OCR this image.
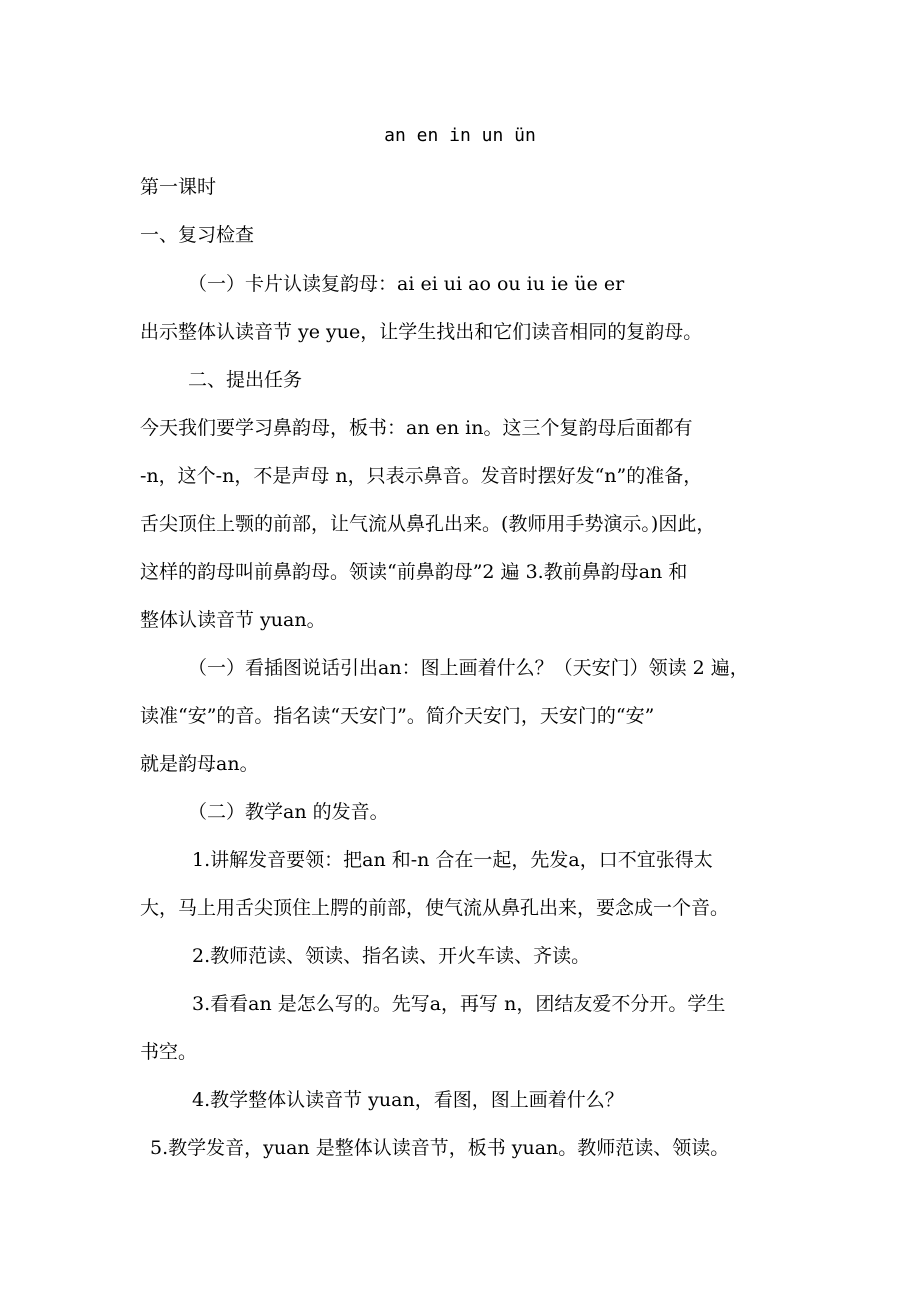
an en in un ün
第一课时
一、复习检查
（一）卡片认读复韵母：ai ei ui ao ou iu ie üe er
出示整体认读音节 ye yue，让学生找出和它们读音相同的复韵母。
二、提出任务
今天我们要学习鼻韵母，板书：an en in。这三个复韵母后面都有
-n，这个-n，不是声母 n，只表示鼻音。发音时摆好发“n”的准备，
舌尖顶住上颚的前部，让气流从鼻孔出来。(教师用手势演示。)因此，
这样的韵母叫前鼻韵母。领读“前鼻韵母”2 遍 3.教前鼻韵母an 和
整体认读音节 yuan。
（一）看插图说话引出an：图上画着什么？（天安门）领读 2 遍，
读准“安”的音。指名读“天安门”。简介天安门，天安门的“安”
就是韵母an。
（二）教学an 的发音。
1.讲解发音要领：把an 和-n 合在一起，先发a，口不宜张得太
大，马上用舌尖顶住上腭的前部，使气流从鼻孔出来，要念成一个音。
2.教师范读、领读、指名读、开火车读、齐读。
3.看看an 是怎么写的。先写a，再写 n，团结友爱不分开。学生
书空。
4.教学整体认读音节 yuan，看图，图上画着什么？
5.教学发音，yuan 是整体认读音节，板书 yuan。教师范读、领读。
